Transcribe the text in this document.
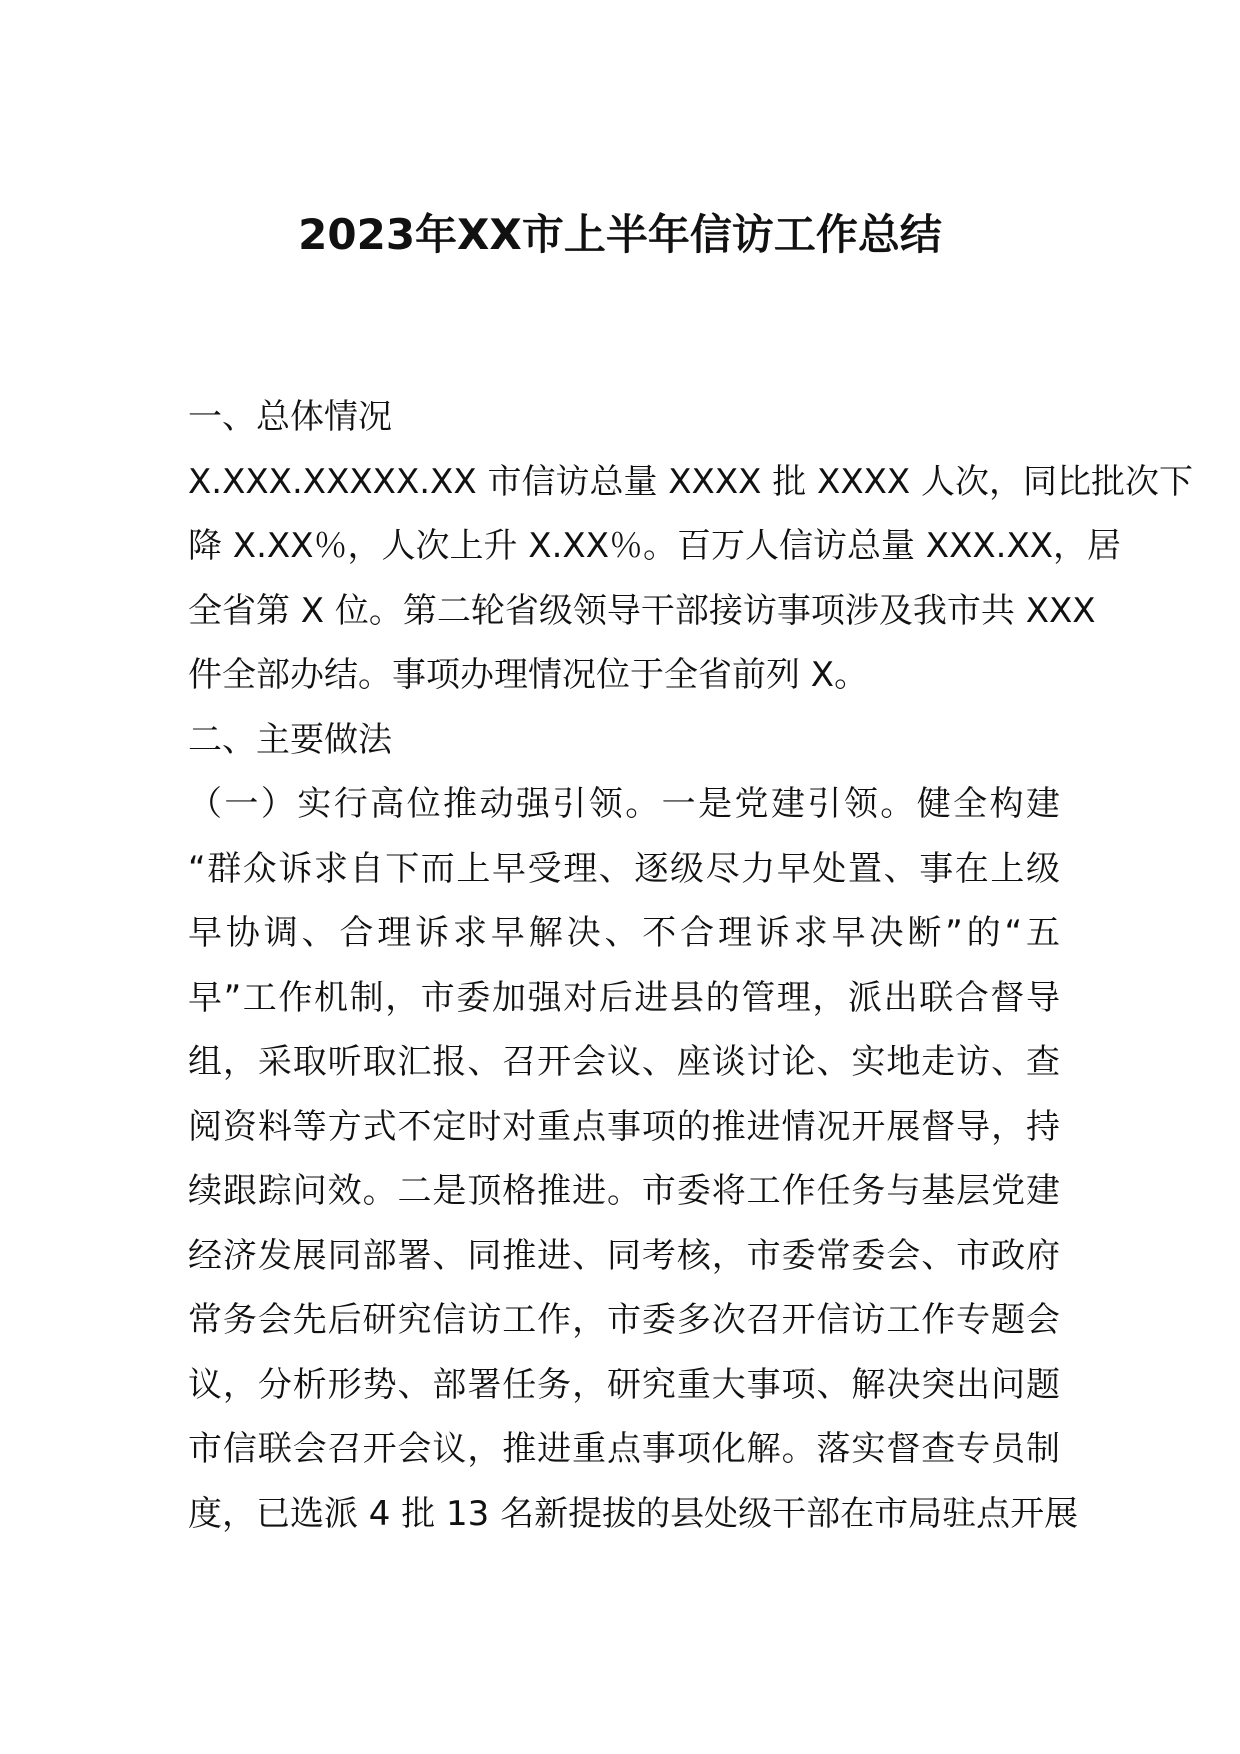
2023年XX市上半年信访工作总结
一、总体情况
X.XXX.XXXXX.XX 市信访总量 XXXX 批 XXXX 人次，同比批次下
降 X.XX％，人次上升 X.XX％。百万人信访总量 XXX.XX，居
全省第 X 位。第二轮省级领导干部接访事项涉及我市共 XXX
件全部办结。事项办理情况位于全省前列 X。
二、主要做法
（一）实行高位推动强引领。一是党建引领。健全构建
“群众诉求自下而上早受理、逐级尽力早处置、事在上级
早协调、合理诉求早解决、不合理诉求早决断”的“五
早”工作机制，市委加强对后进县的管理，派出联合督导
组，采取听取汇报、召开会议、座谈讨论、实地走访、查
阅资料等方式不定时对重点事项的推进情况开展督导，持
续跟踪问效。二是顶格推进。市委将工作任务与基层党建
经济发展同部署、同推进、同考核，市委常委会、市政府
常务会先后研究信访工作，市委多次召开信访工作专题会
议，分析形势、部署任务，研究重大事项、解决突出问题
市信联会召开会议，推进重点事项化解。落实督查专员制
度，已选派 4 批 13 名新提拔的县处级干部在市局驻点开展
